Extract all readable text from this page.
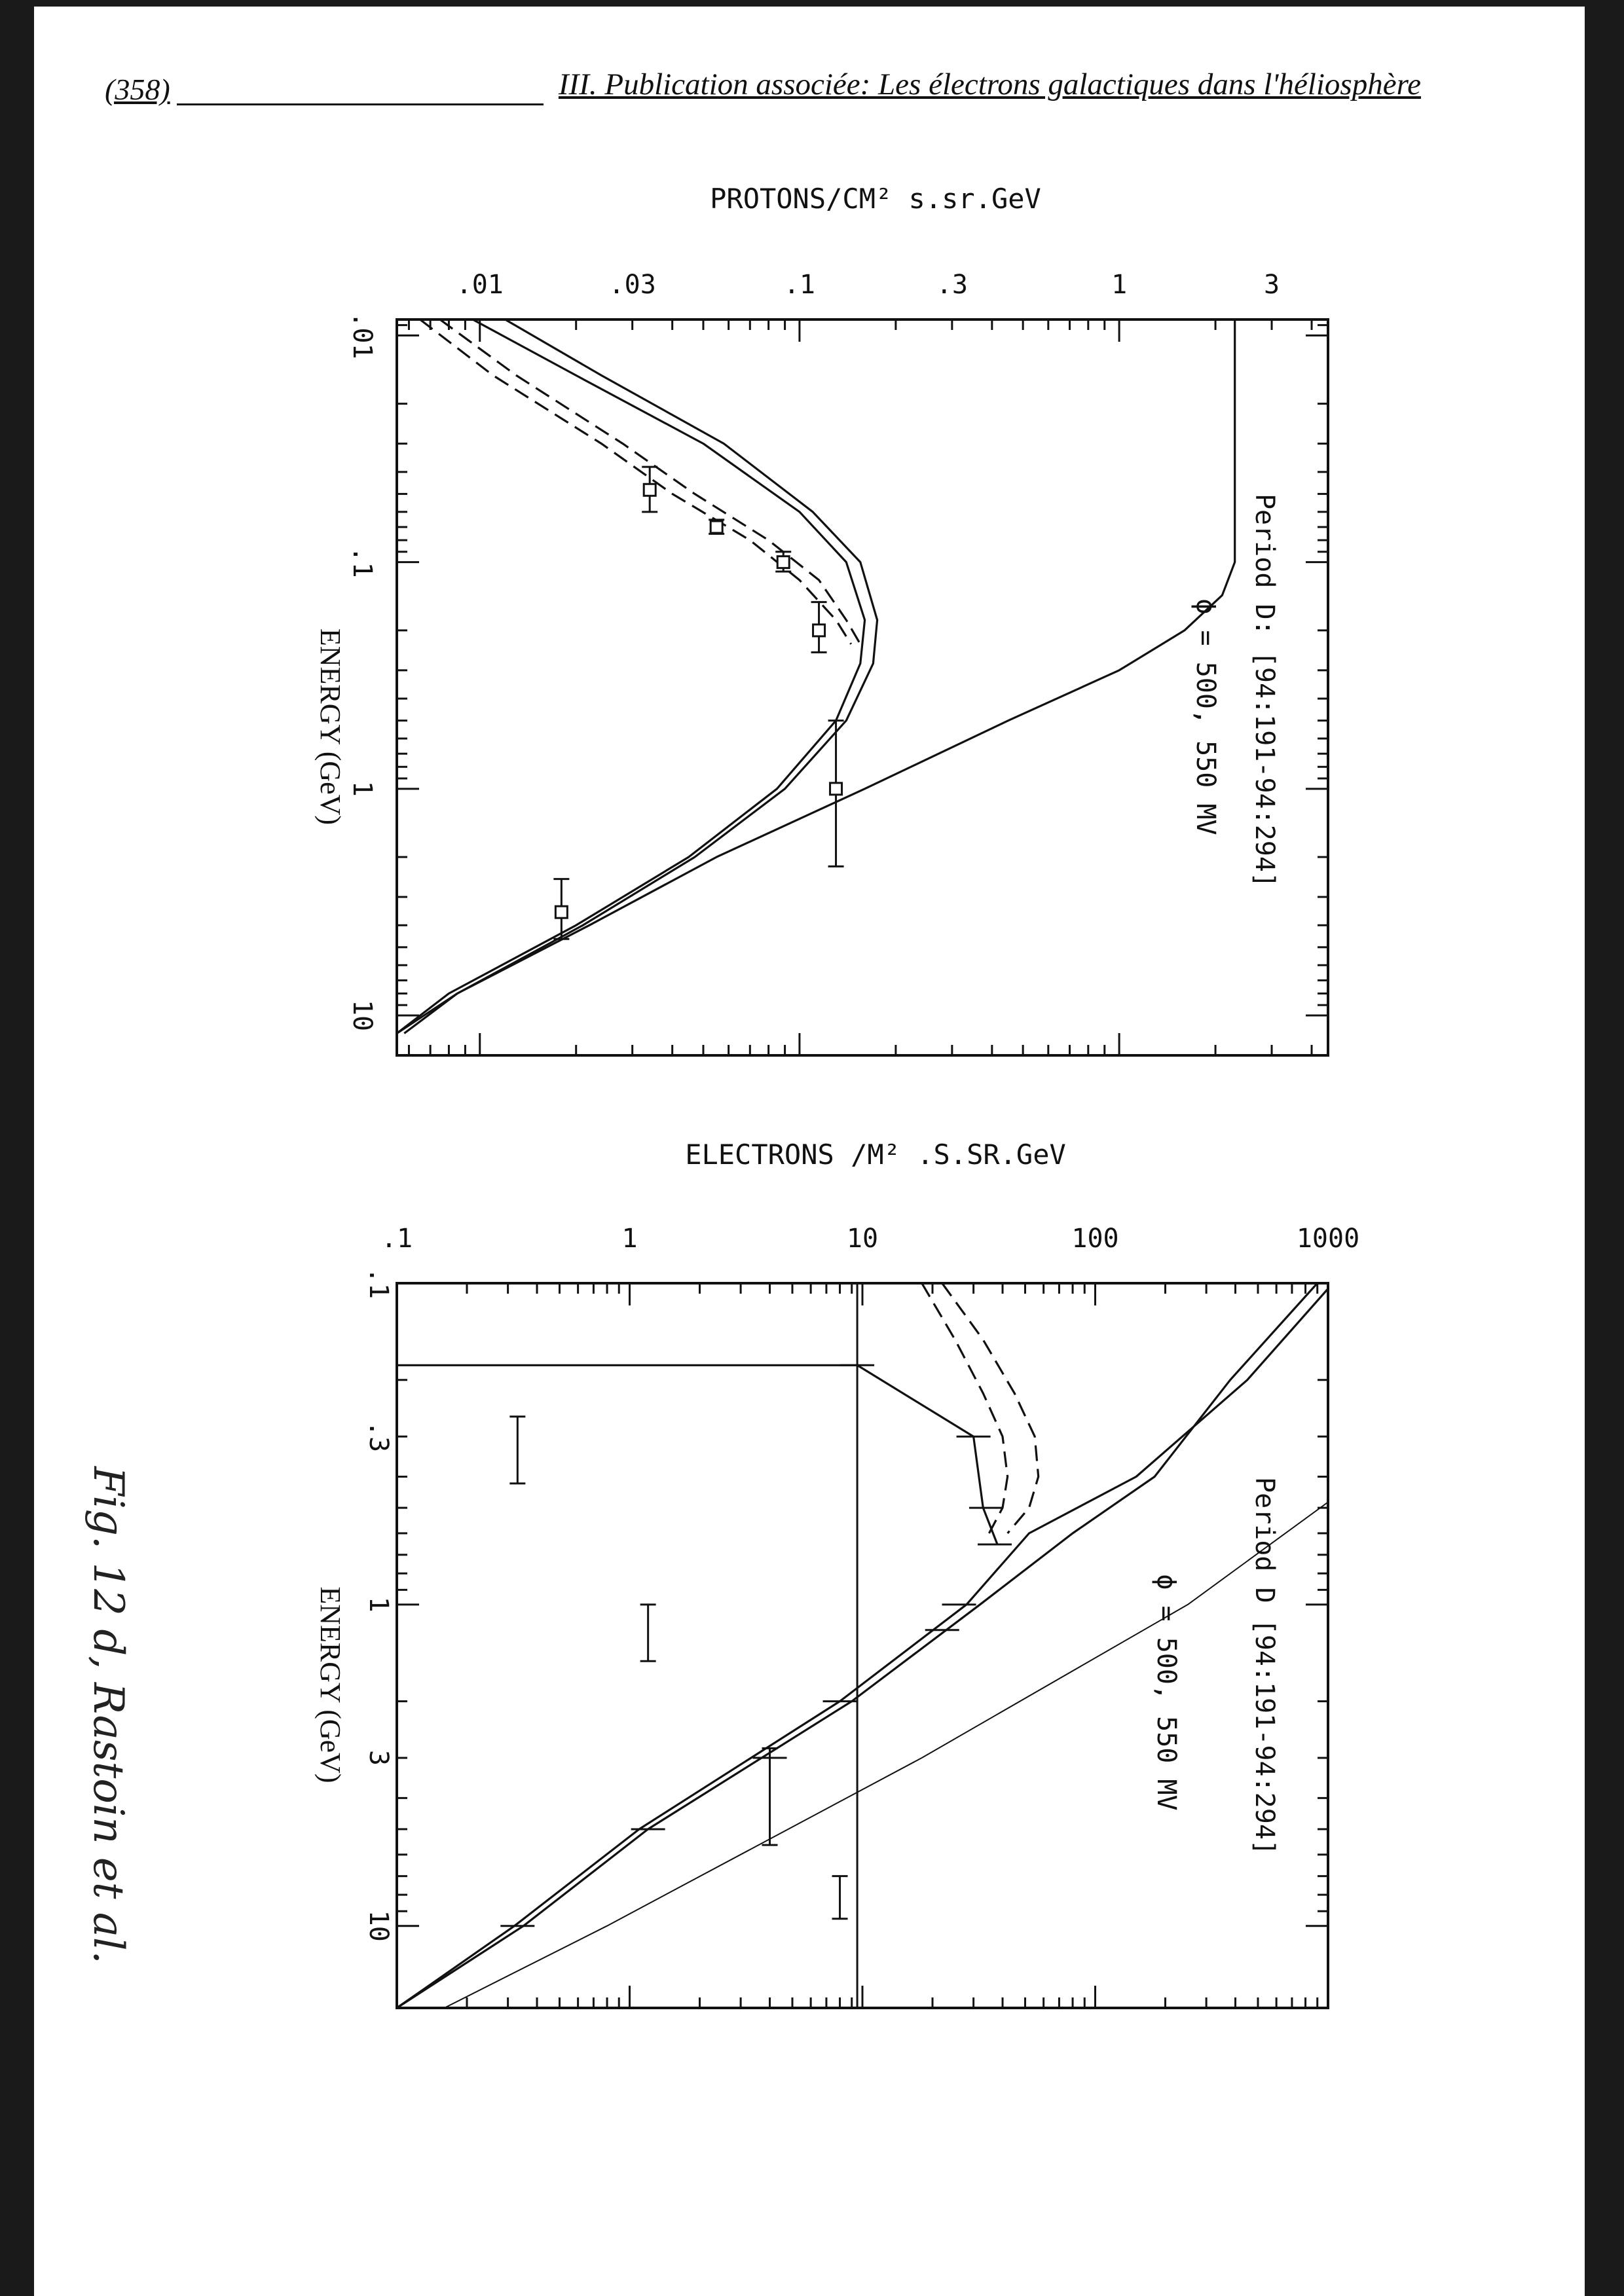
(358)	III. Publication associée: Les électrons galactiques dans l'héliosphère
.01	.03	.1	.3	1	3
.01
.1
1
10
PROTONS/CM² s.sr.GeV
ENERGY (GeV)	Period D: [94:191-94:294]
ϕ = 500, 550 MV
.1	1	10	100	1000
.1
.3
1
3
10
ELECTRONS /M² .S.SR.GeV
ENERGY (GeV)	Period D [94:191-94:294]
ϕ = 500, 550 MV
Fig. 12 d, Rastoin et al.
